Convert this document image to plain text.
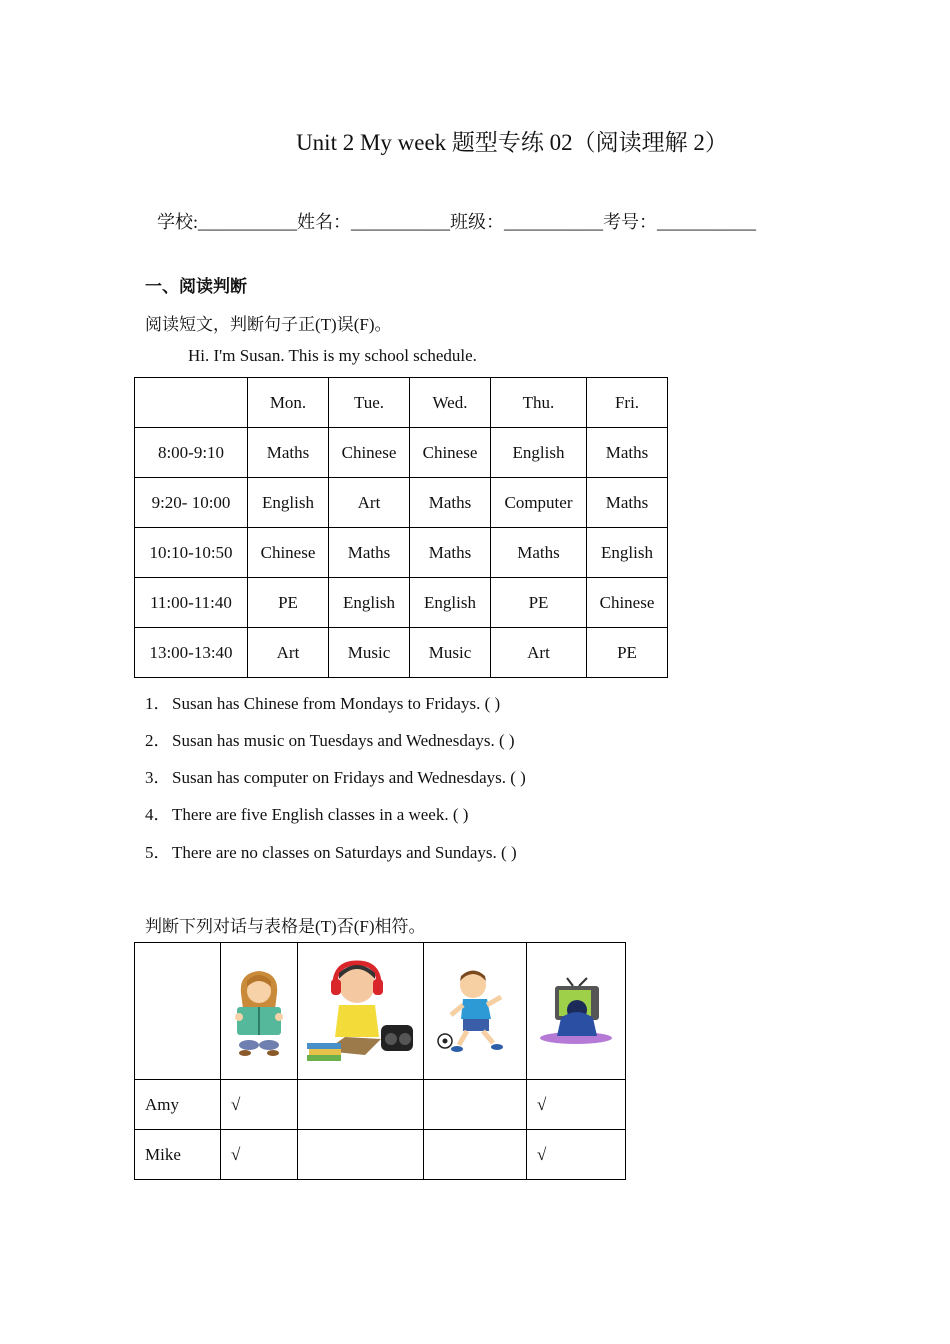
Unit 2 My week 题型专练 02（阅读理解 2）
学校:___________姓名：___________班级：___________考号：___________
一、阅读判断
阅读短文，判断句子正(T)误(F)。
Hi. I'm Susan. This is my school schedule.
	Mon.	Tue.	Wed.	Thu.	Fri.
8:00-9:10	Maths	Chinese	Chinese	English	Maths
9:20- 10:00	English	Art	Maths	Computer	Maths
10:10-10:50	Chinese	Maths	Maths	Maths	English
11:00-11:40	PE	English	English	PE	Chinese
13:00-13:40	Art	Music	Music	Art	PE
1．Susan has Chinese from Mondays to Fridays. ( )
2．Susan has music on Tuesdays and Wednesdays. ( )
3．Susan has computer on Fridays and Wednesdays. ( )
4．There are five English classes in a week. ( )
5．There are no classes on Saturdays and Sundays. ( )
判断下列对话与表格是(T)否(F)相符。

Amy	√			√
Mike	√			√
